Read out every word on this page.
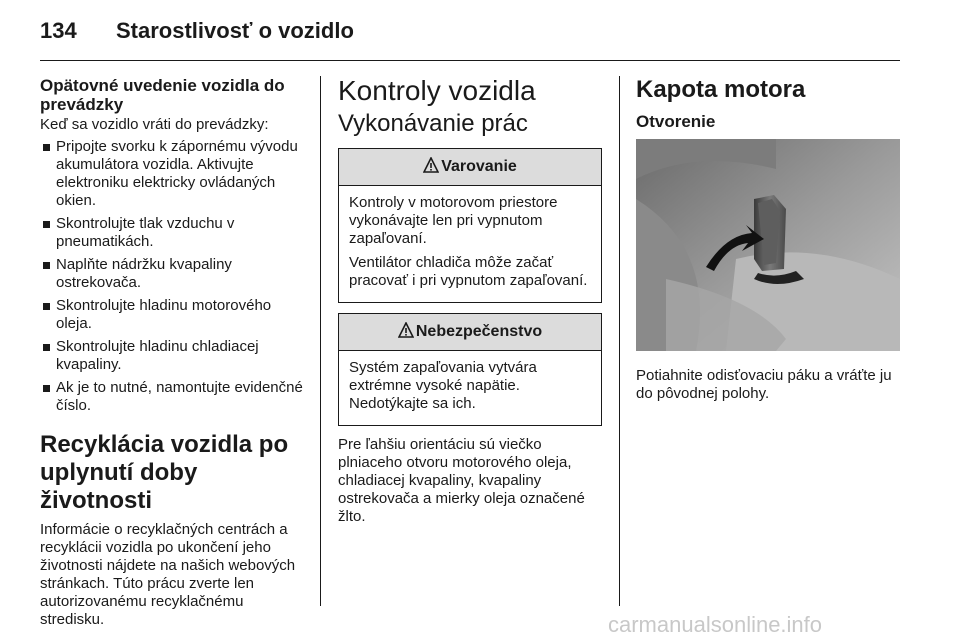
134 Starostlivosť o vozidlo
Opätovné uvedenie vozidla do prevádzky

Keď sa vozidlo vráti do prevádzky:

Pripojte svorku k zápornému vývodu akumulátora vozidla. Aktivujte elektroniku elektricky ovládaných okien.
Skontrolujte tlak vzduchu v pneumatikách.
Naplňte nádržku kvapaliny ostrekovača.
Skontrolujte hladinu motorového oleja.
Skontrolujte hladinu chladiacej kvapaliny.
Ak je to nutné, namontujte evidenčné číslo.
Recyklácia vozidla po uplynutí doby životnosti

Informácie o recyklačných centrách a recyklácii vozidla po ukončení jeho životnosti nájdete na našich webových stránkach. Túto prácu zverte len autorizovanému recyklačnému stredisku.

Kontroly vozidla
Vykonávanie prác
Varovanie

Kontroly v motorovom priestore vykonávajte len pri vypnutom zapaľovaní.

Ventilátor chladiča môže začať pracovať i pri vypnutom zapaľovaní.

Nebezpečenstvo

Systém zapaľovania vytvára extrémne vysoké napätie. Nedotýkajte sa ich.

Pre ľahšiu orientáciu sú viečko plniaceho otvoru motorového oleja, chladiacej kvapaliny, kvapaliny ostrekovača a mierky oleja označené žlto.

Kapota motora
Otvorenie

Potiahnite odisťovaciu páku a vráťte ju do pôvodnej polohy.

carmanualsonline.info
